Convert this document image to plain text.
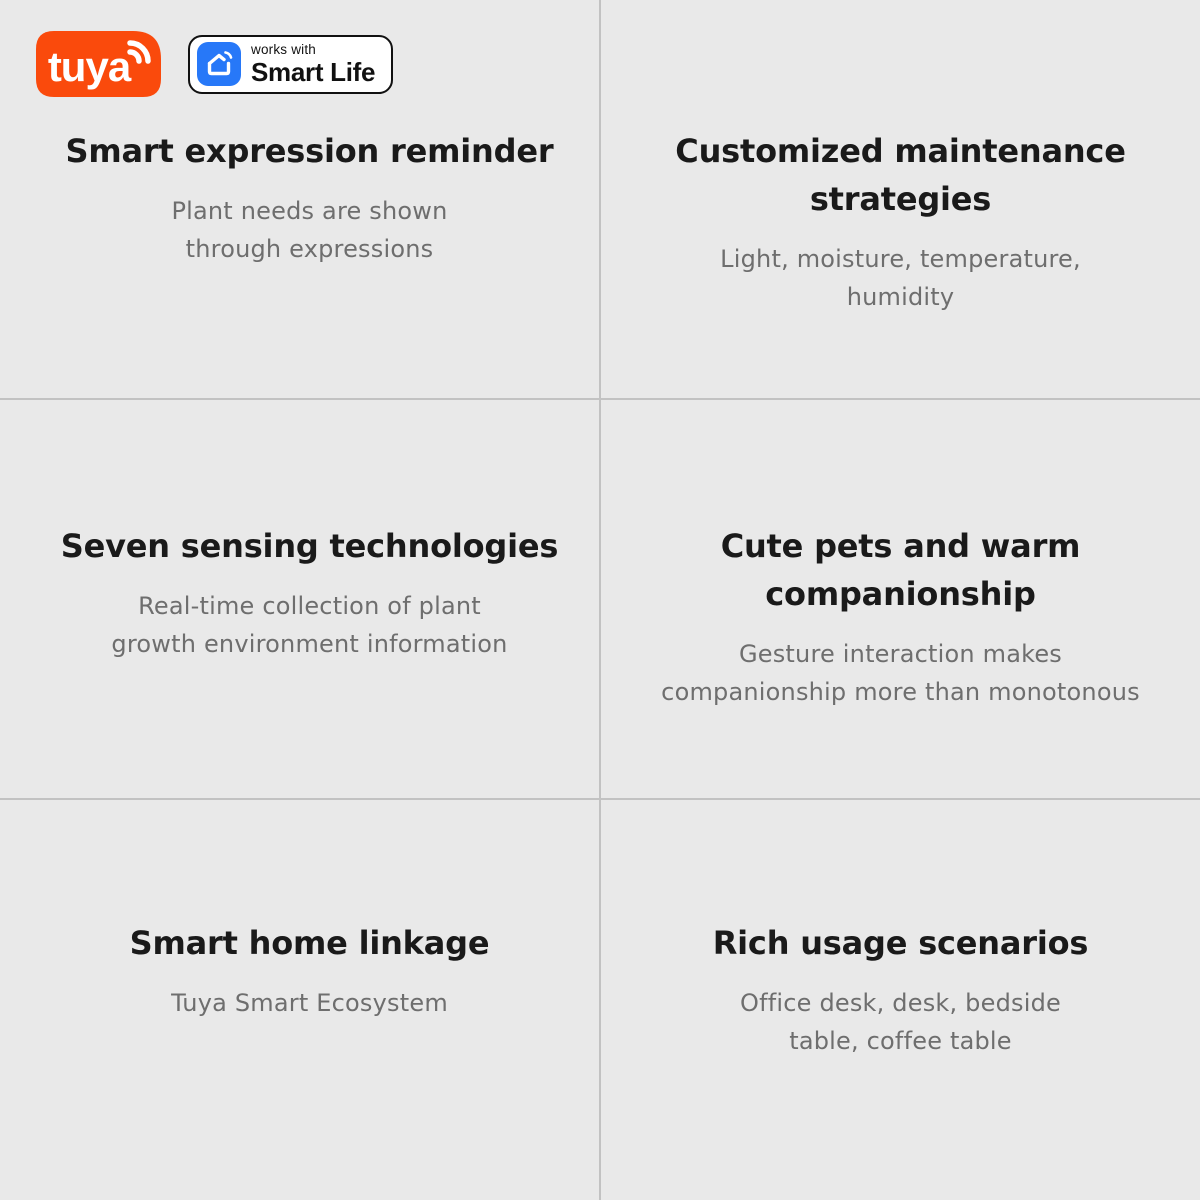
tuya	works with
Smart Life
Smart expression reminder
Plant needs are shown
through expressions
Customized maintenance
strategies
Light, moisture, temperature,
humidity
Seven sensing technologies
Real-time collection of plant
growth environment information
Cute pets and warm
companionship
Gesture interaction makes
companionship more than monotonous
Smart home linkage
Tuya Smart Ecosystem
Rich usage scenarios
Office desk, desk, bedside
table, coffee table
